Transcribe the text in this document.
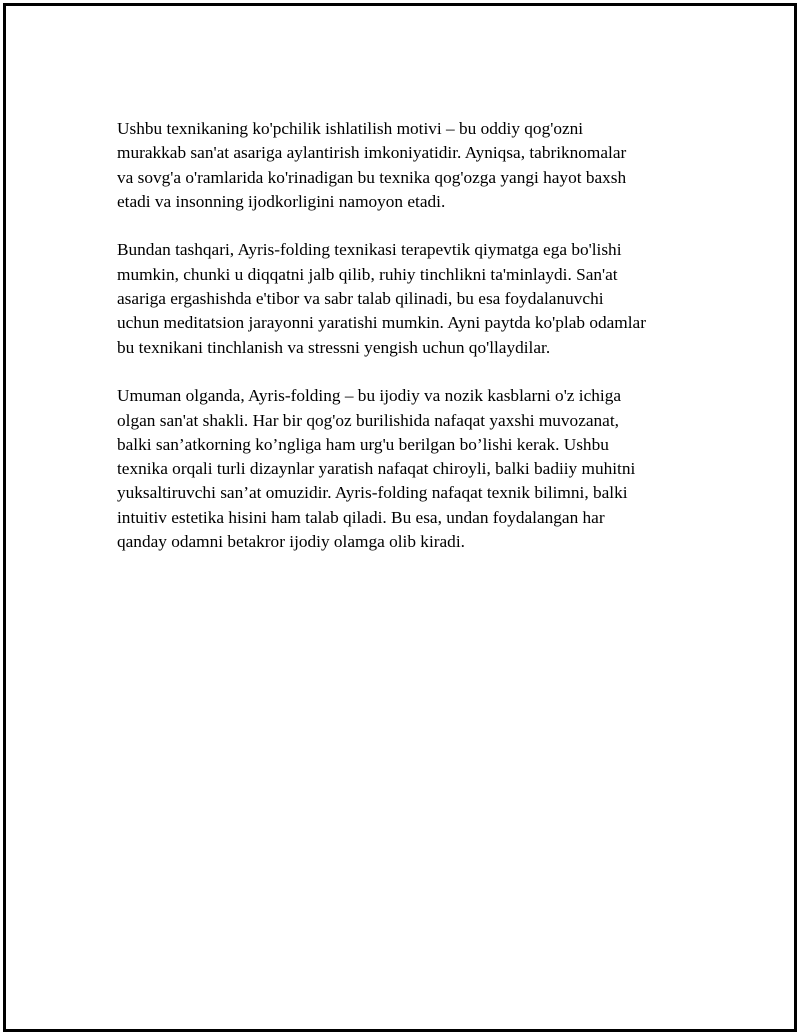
Ushbu texnikaning ko'pchilik ishlatilish motivi – bu oddiy qog'ozni
murakkab san'at asariga aylantirish imkoniyatidir. Ayniqsa, tabriknomalar
va sovg'a o'ramlarida ko'rinadigan bu texnika qog'ozga yangi hayot baxsh
etadi va insonning ijodkorligini namoyon etadi.

Bundan tashqari, Ayris-folding texnikasi terapevtik qiymatga ega bo'lishi
mumkin, chunki u diqqatni jalb qilib, ruhiy tinchlikni ta'minlaydi. San'at
asariga ergashishda e'tibor va sabr talab qilinadi, bu esa foydalanuvchi
uchun meditatsion jarayonni yaratishi mumkin. Ayni paytda ko'plab odamlar
bu texnikani tinchlanish va stressni yengish uchun qo'llaydilar.

Umuman olganda, Ayris-folding – bu ijodiy va nozik kasblarni o'z ichiga
olgan san'at shakli. Har bir qog'oz burilishida nafaqat yaxshi muvozanat,
balki san’atkorning ko’ngliga ham urg'u berilgan bo’lishi kerak. Ushbu
texnika orqali turli dizaynlar yaratish nafaqat chiroyli, balki badiiy muhitni
yuksaltiruvchi san’at omuzidir. Ayris-folding nafaqat texnik bilimni, balki
intuitiv estetika hisini ham talab qiladi. Bu esa, undan foydalangan har
qanday odamni betakror ijodiy olamga olib kiradi.
